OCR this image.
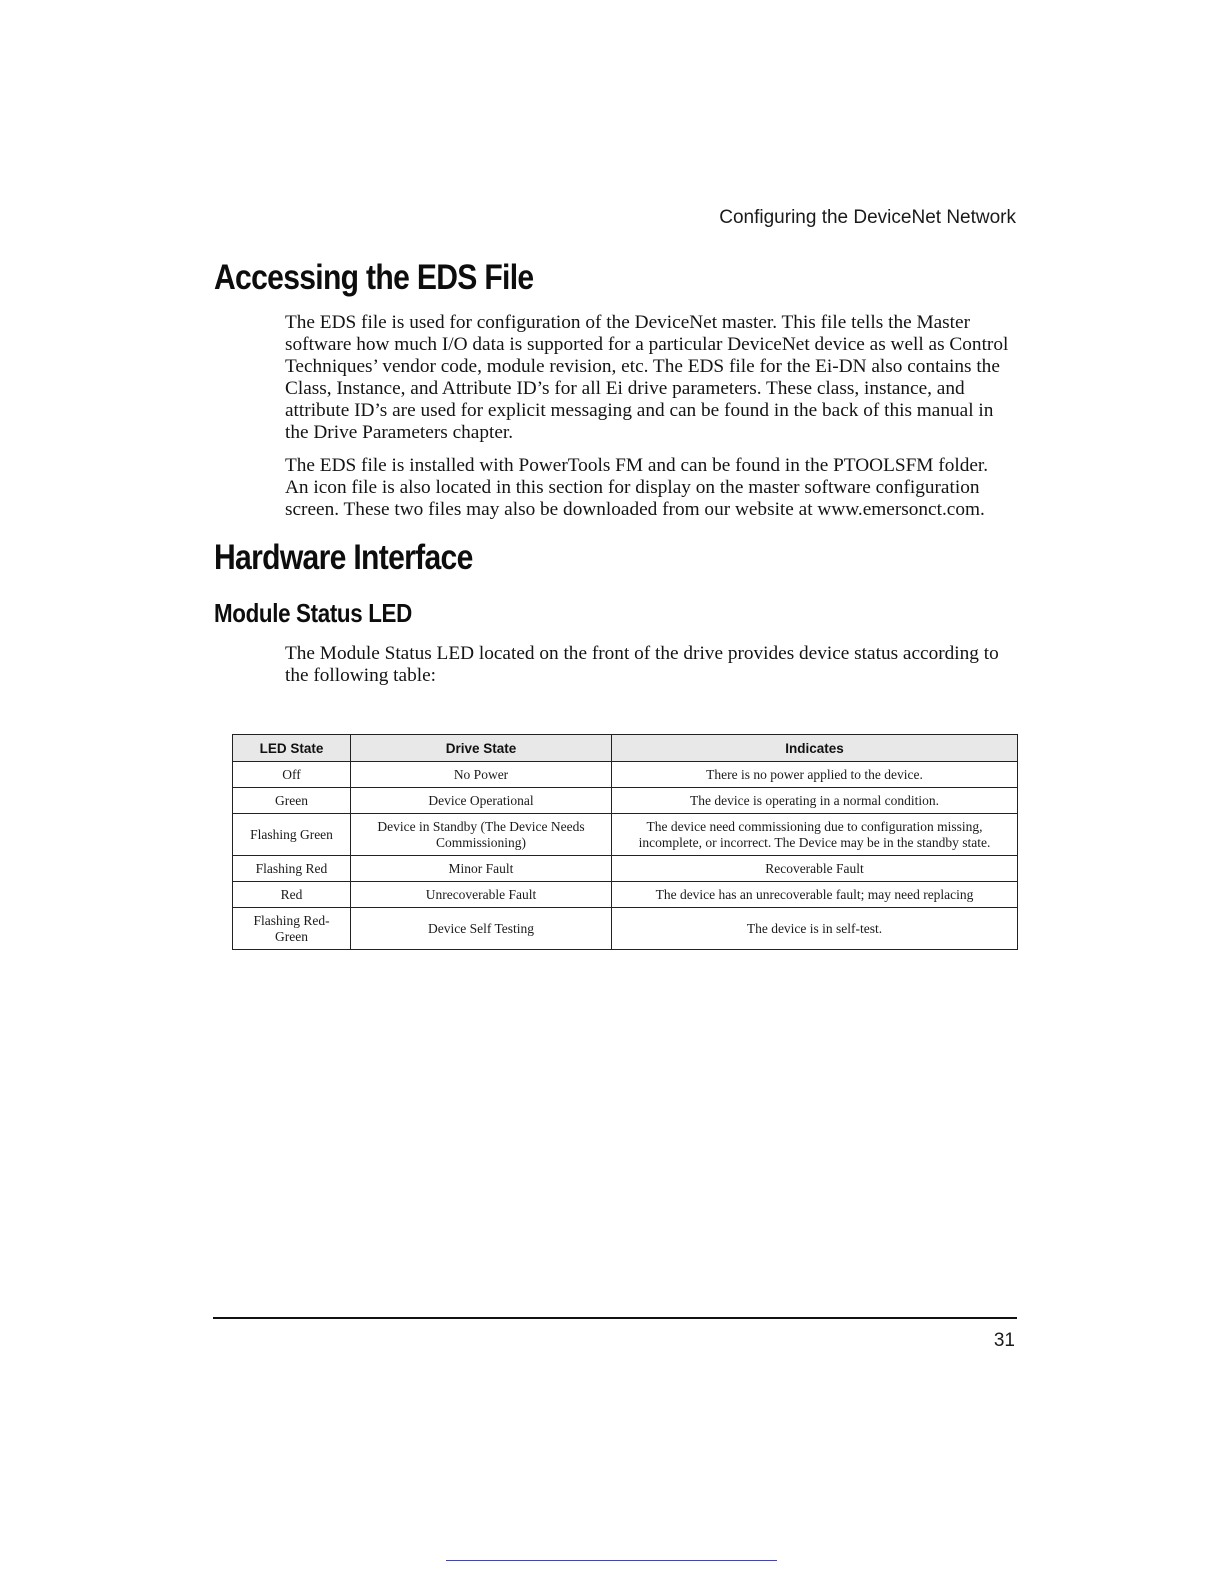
Configuring the DeviceNet Network
Accessing the EDS File

The EDS file is used for configuration of the DeviceNet master. This file tells the Master software how much I/O data is supported for a particular DeviceNet device as well as Control Techniques’ vendor code, module revision, etc. The EDS file for the Ei-DN also contains the Class, Instance, and Attribute ID’s for all Ei drive parameters. These class, instance, and attribute ID’s are used for explicit messaging and can be found in the back of this manual in the Drive Parameters chapter.

The EDS file is installed with PowerTools FM and can be found in the PTOOLSFM folder. An icon file is also located in this section for display on the master software configuration screen. These two files may also be downloaded from our website at www.emersonct.com.

Hardware Interface
Module Status LED

The Module Status LED located on the front of the drive provides device status according to the following table:

LED State	Drive State	Indicates
Off	No Power	There is no power applied to the device.
Green	Device Operational	The device is operating in a normal condition.
Flashing Green	Device in Standby (The Device Needs Commissioning)	The device need commissioning due to configuration missing, incomplete, or incorrect. The Device may be in the standby state.
Flashing Red	Minor Fault	Recoverable Fault
Red	Unrecoverable Fault	The device has an unrecoverable fault; may need replacing
Flashing Red-Green	Device Self Testing	The device is in self-test.
31
